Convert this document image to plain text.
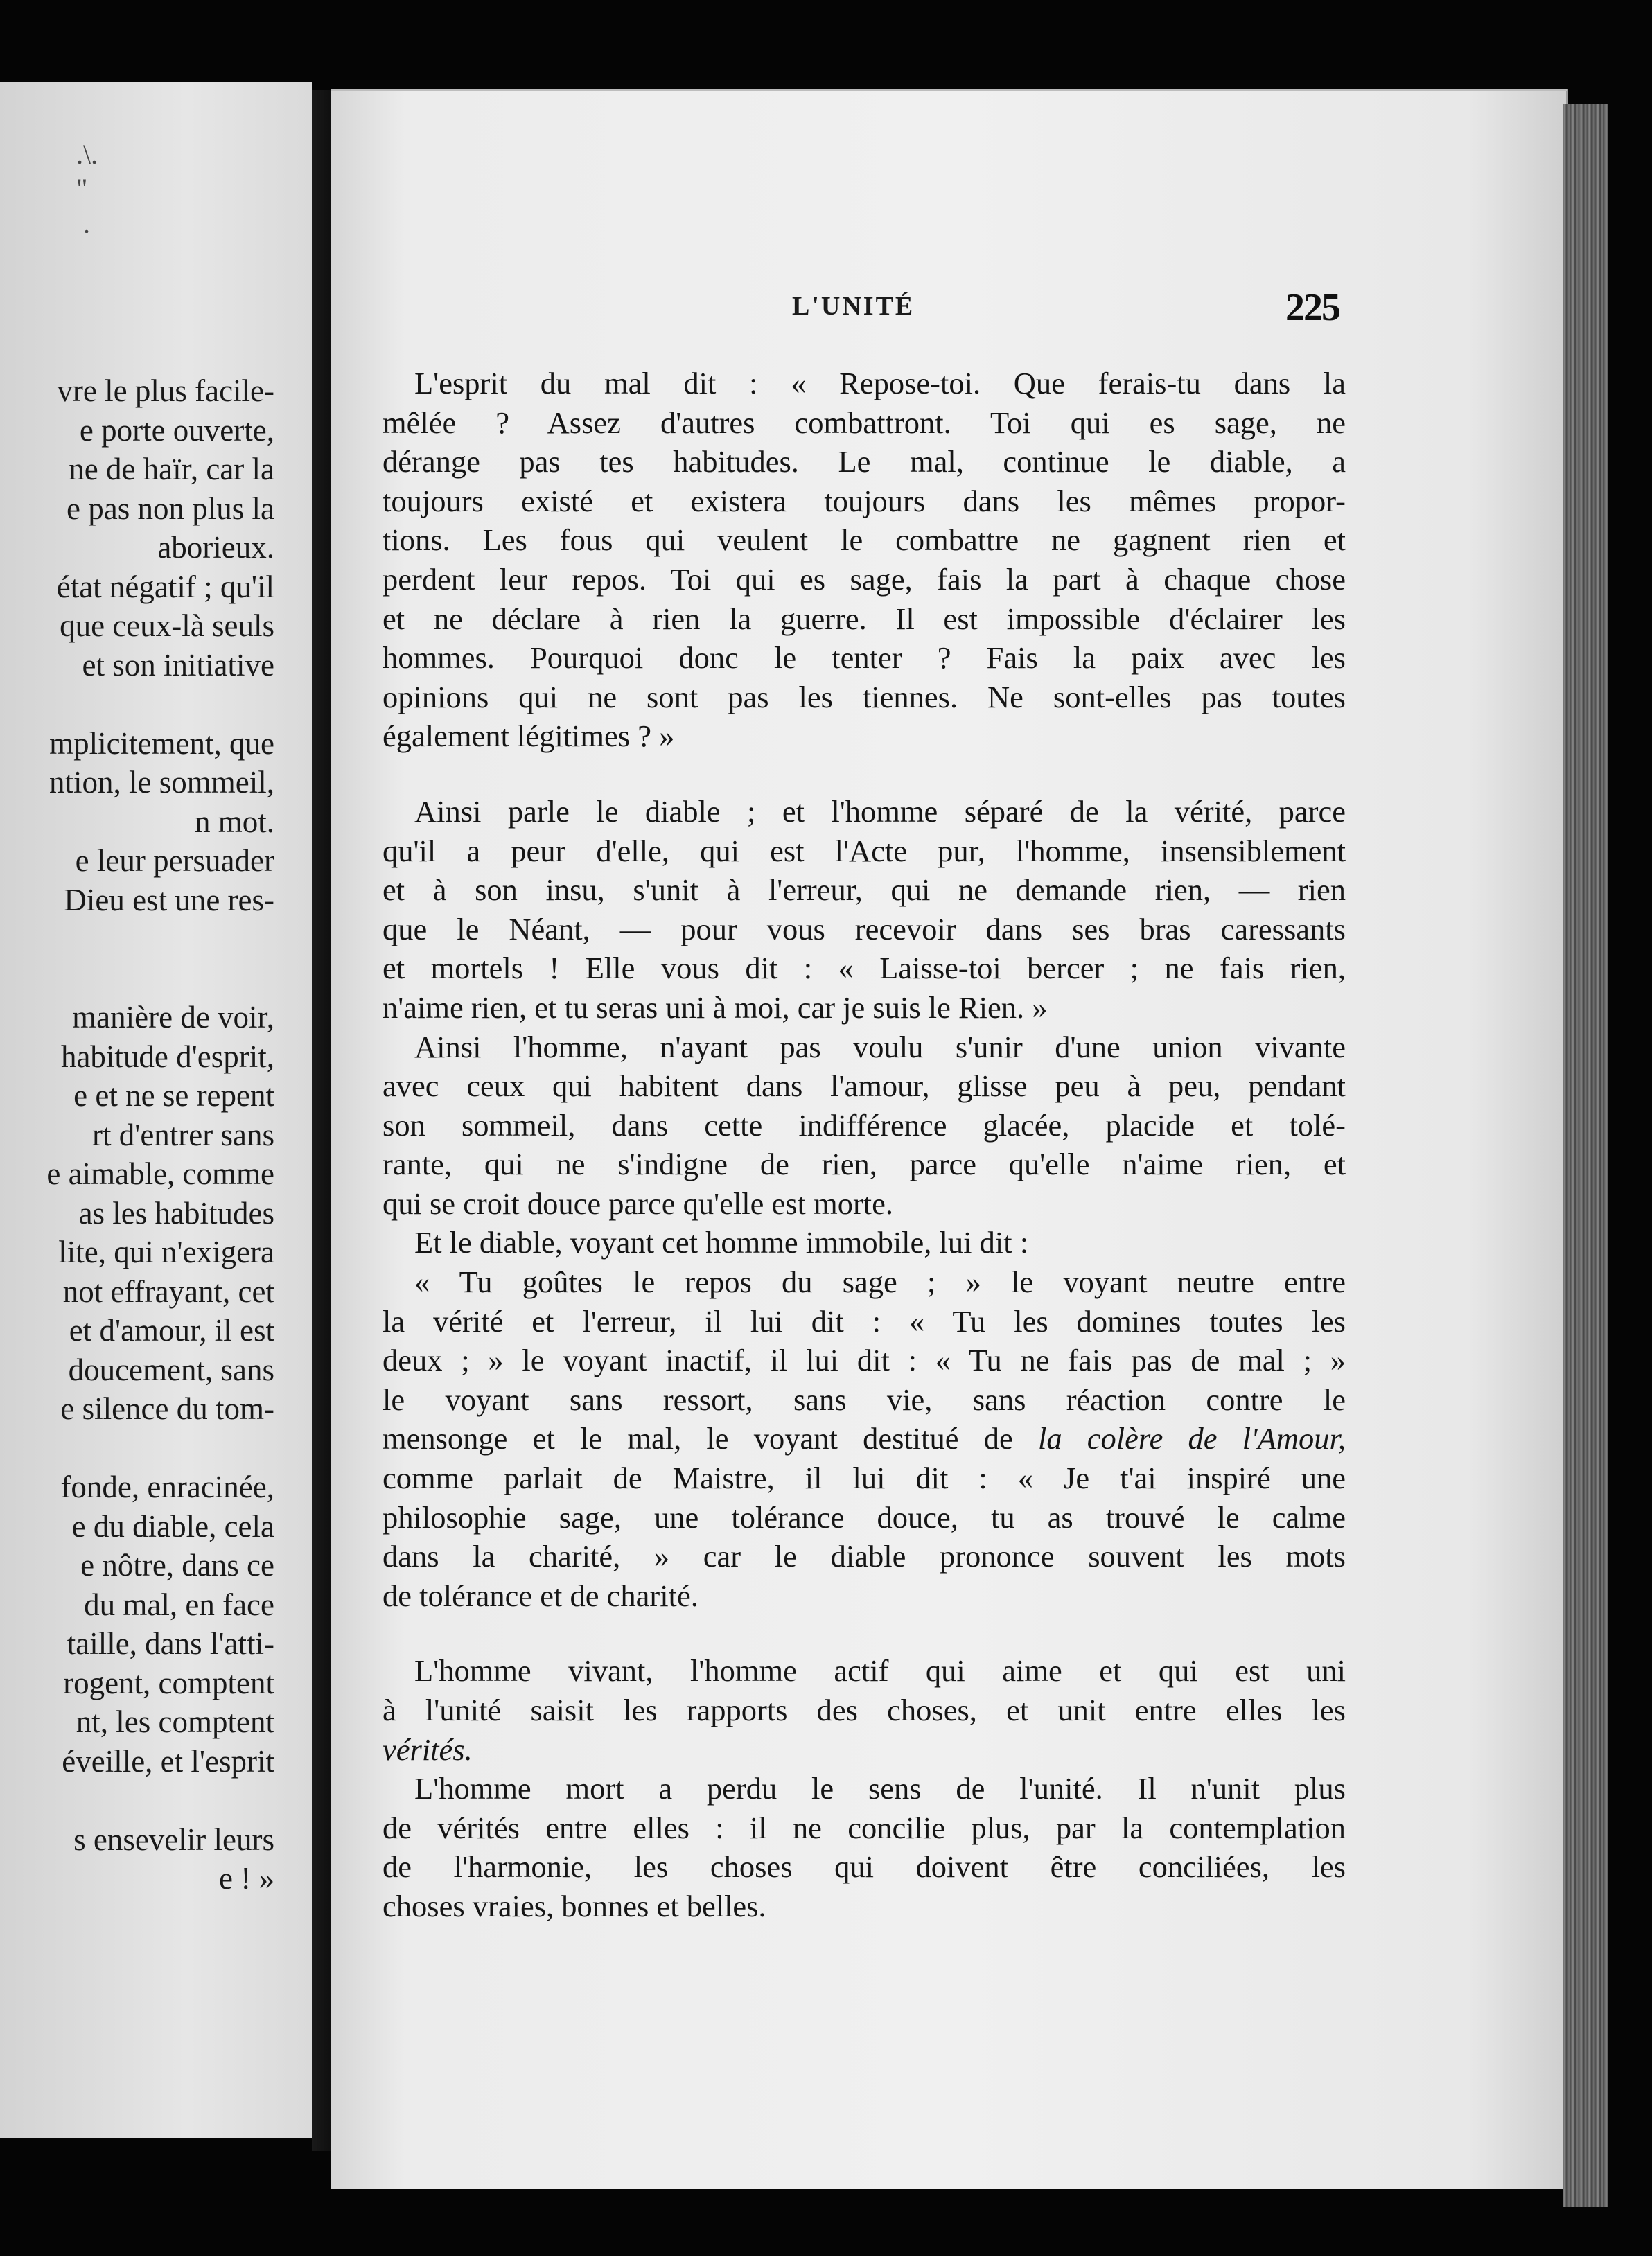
.\.
"
.
vre le plus facile-
e porte ouverte,
ne de haïr, car la
e pas non plus la
aborieux.
état négatif ; qu'il
que ceux-là seuls
et son initiative

mplicitement, que
ntion, le sommeil,
n mot.
e leur persuader
Dieu est une res-

manière de voir,
habitude d'esprit,
e et ne se repent
rt d'entrer sans
e aimable, comme
as les habitudes
lite, qui n'exigera
not effrayant, cet
et d'amour, il est
doucement, sans
e silence du tom-

fonde, enracinée,
e du diable, cela
e nôtre, dans ce
du mal, en face
taille, dans l'atti-
rogent, comptent
nt, les comptent
éveille, et l'esprit

s ensevelir leurs
e ! »
L'UNITÉ	225
L'esprit du mal dit : « Repose-toi. Que ferais-tu dans la
mêlée ? Assez d'autres combattront. Toi qui es sage, ne
dérange pas tes habitudes. Le mal, continue le diable, a
toujours existé et existera toujours dans les mêmes propor-
tions. Les fous qui veulent le combattre ne gagnent rien et
perdent leur repos. Toi qui es sage, fais la part à chaque chose
et ne déclare à rien la guerre. Il est impossible d'éclairer les
hommes. Pourquoi donc le tenter ? Fais la paix avec les
opinions qui ne sont pas les tiennes. Ne sont-elles pas toutes
également légitimes ? »
Ainsi parle le diable ; et l'homme séparé de la vérité, parce
qu'il a peur d'elle, qui est l'Acte pur, l'homme, insensiblement
et à son insu, s'unit à l'erreur, qui ne demande rien, — rien
que le Néant, — pour vous recevoir dans ses bras caressants
et mortels ! Elle vous dit : « Laisse-toi bercer ; ne fais rien,
n'aime rien, et tu seras uni à moi, car je suis le Rien. »
Ainsi l'homme, n'ayant pas voulu s'unir d'une union vivante
avec ceux qui habitent dans l'amour, glisse peu à peu, pendant
son sommeil, dans cette indifférence glacée, placide et tolé-
rante, qui ne s'indigne de rien, parce qu'elle n'aime rien, et
qui se croit douce parce qu'elle est morte.
Et le diable, voyant cet homme immobile, lui dit :
« Tu goûtes le repos du sage ; » le voyant neutre entre
la vérité et l'erreur, il lui dit : « Tu les domines toutes les
deux ; » le voyant inactif, il lui dit : « Tu ne fais pas de mal ; »
le voyant sans ressort, sans vie, sans réaction contre le
mensonge et le mal, le voyant destitué de la colère de l'Amour,
comme parlait de Maistre, il lui dit : « Je t'ai inspiré une
philosophie sage, une tolérance douce, tu as trouvé le calme
dans la charité, » car le diable prononce souvent les mots
de tolérance et de charité.
L'homme vivant, l'homme actif qui aime et qui est uni
à l'unité saisit les rapports des choses, et unit entre elles les
vérités.
L'homme mort a perdu le sens de l'unité. Il n'unit plus
de vérités entre elles : il ne concilie plus, par la contemplation
de l'harmonie, les choses qui doivent être conciliées, les
choses vraies, bonnes et belles.
